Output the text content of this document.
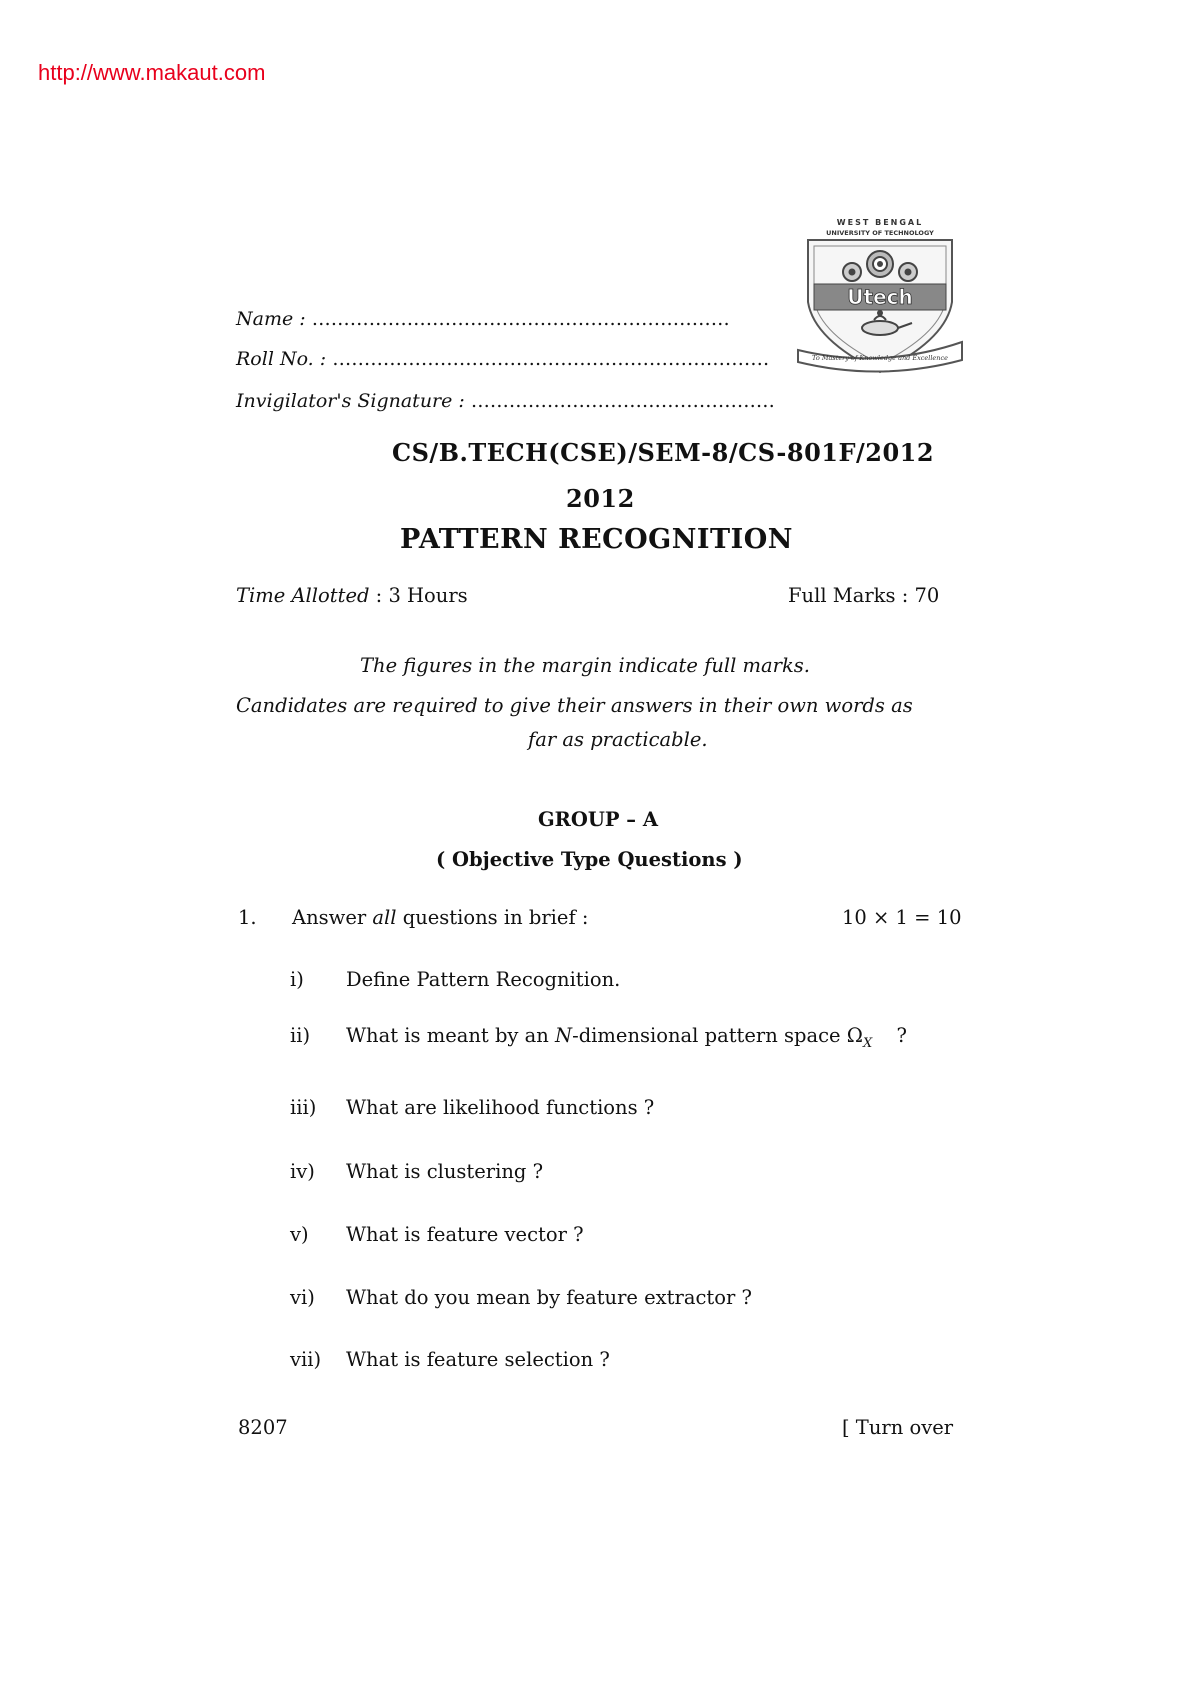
http://www.makaut.com
WEST BENGAL
UNIVERSITY OF TECHNOLOGY
Utech
To Mastery of Knowledge and Excellence
Name : …………………………………………………………
Roll No. : ……………………………………………………………
Invigilator's Signature : …………………………………………
CS/B.TECH(CSE)/SEM-8/CS-801F/2012
2012
PATTERN RECOGNITION
Time Allotted : 3 Hours	Full Marks : 70
The figures in the margin indicate full marks.
Candidates are required to give their answers in their own words as
far as practicable.
GROUP – A
( Objective Type Questions )
1. Answer all questions in brief :	10 × 1 = 10
i) Define Pattern Recognition.
ii) What is meant by an N-dimensional pattern space $\Omega_X$ ?
iii) What are likelihood functions ?
iv) What is clustering ?
v) What is feature vector ?
vi) What do you mean by feature extractor ?
vii) What is feature selection ?
8207	[ Turn over
